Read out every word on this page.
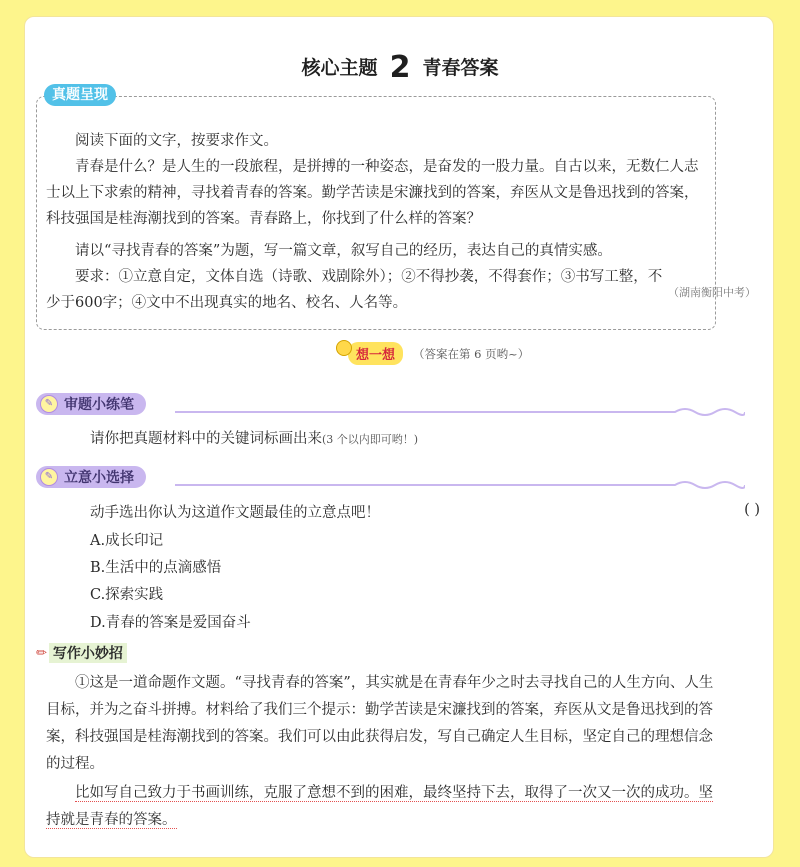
核心主题 2 青春答案
真题呈现
阅读下面的文字，按要求作文。
青春是什么？是人生的一段旅程，是拼搏的一种姿态，是奋发的一股力量。自古以来，无数仁人志士以上下求索的精神，寻找着青春的答案。勤学苦读是宋濂找到的答案，弃医从文是鲁迅找到的答案，科技强国是桂海潮找到的答案。青春路上，你找到了什么样的答案？
请以“寻找青春的答案”为题，写一篇文章，叙写自己的经历，表达自己的真情实感。
要求：①立意自定，文体自选（诗歌、戏剧除外）；②不得抄袭，不得套作；③书写工整，不少于600字；④文中不出现真实的地名、校名、人名等。
（湖南衡阳中考）
想一想	（答案在第 6 页哟~）
✎ 审题小练笔
请你把真题材料中的关键词标画出来(3 个以内即可哟！)
✎ 立意小选择
动手选出你认为这道作文题最佳的立意点吧！	( )
A.成长印记
B.生活中的点滴感悟
C.探索实践
D.青春的答案是爱国奋斗
✏ 写作小妙招
①这是一道命题作文题。“寻找青春的答案”，其实就是在青春年少之时去寻找自己的人生方向、人生目标，并为之奋斗拼搏。材料给了我们三个提示：勤学苦读是宋濂找到的答案，弃医从文是鲁迅找到的答案，科技强国是桂海潮找到的答案。我们可以由此获得启发，写自己确定人生目标，坚定自己的理想信念的过程。
比如写自己致力于书画训练，克服了意想不到的困难，最终坚持下去，取得了一次又一次的成功。坚持就是青春的答案。
